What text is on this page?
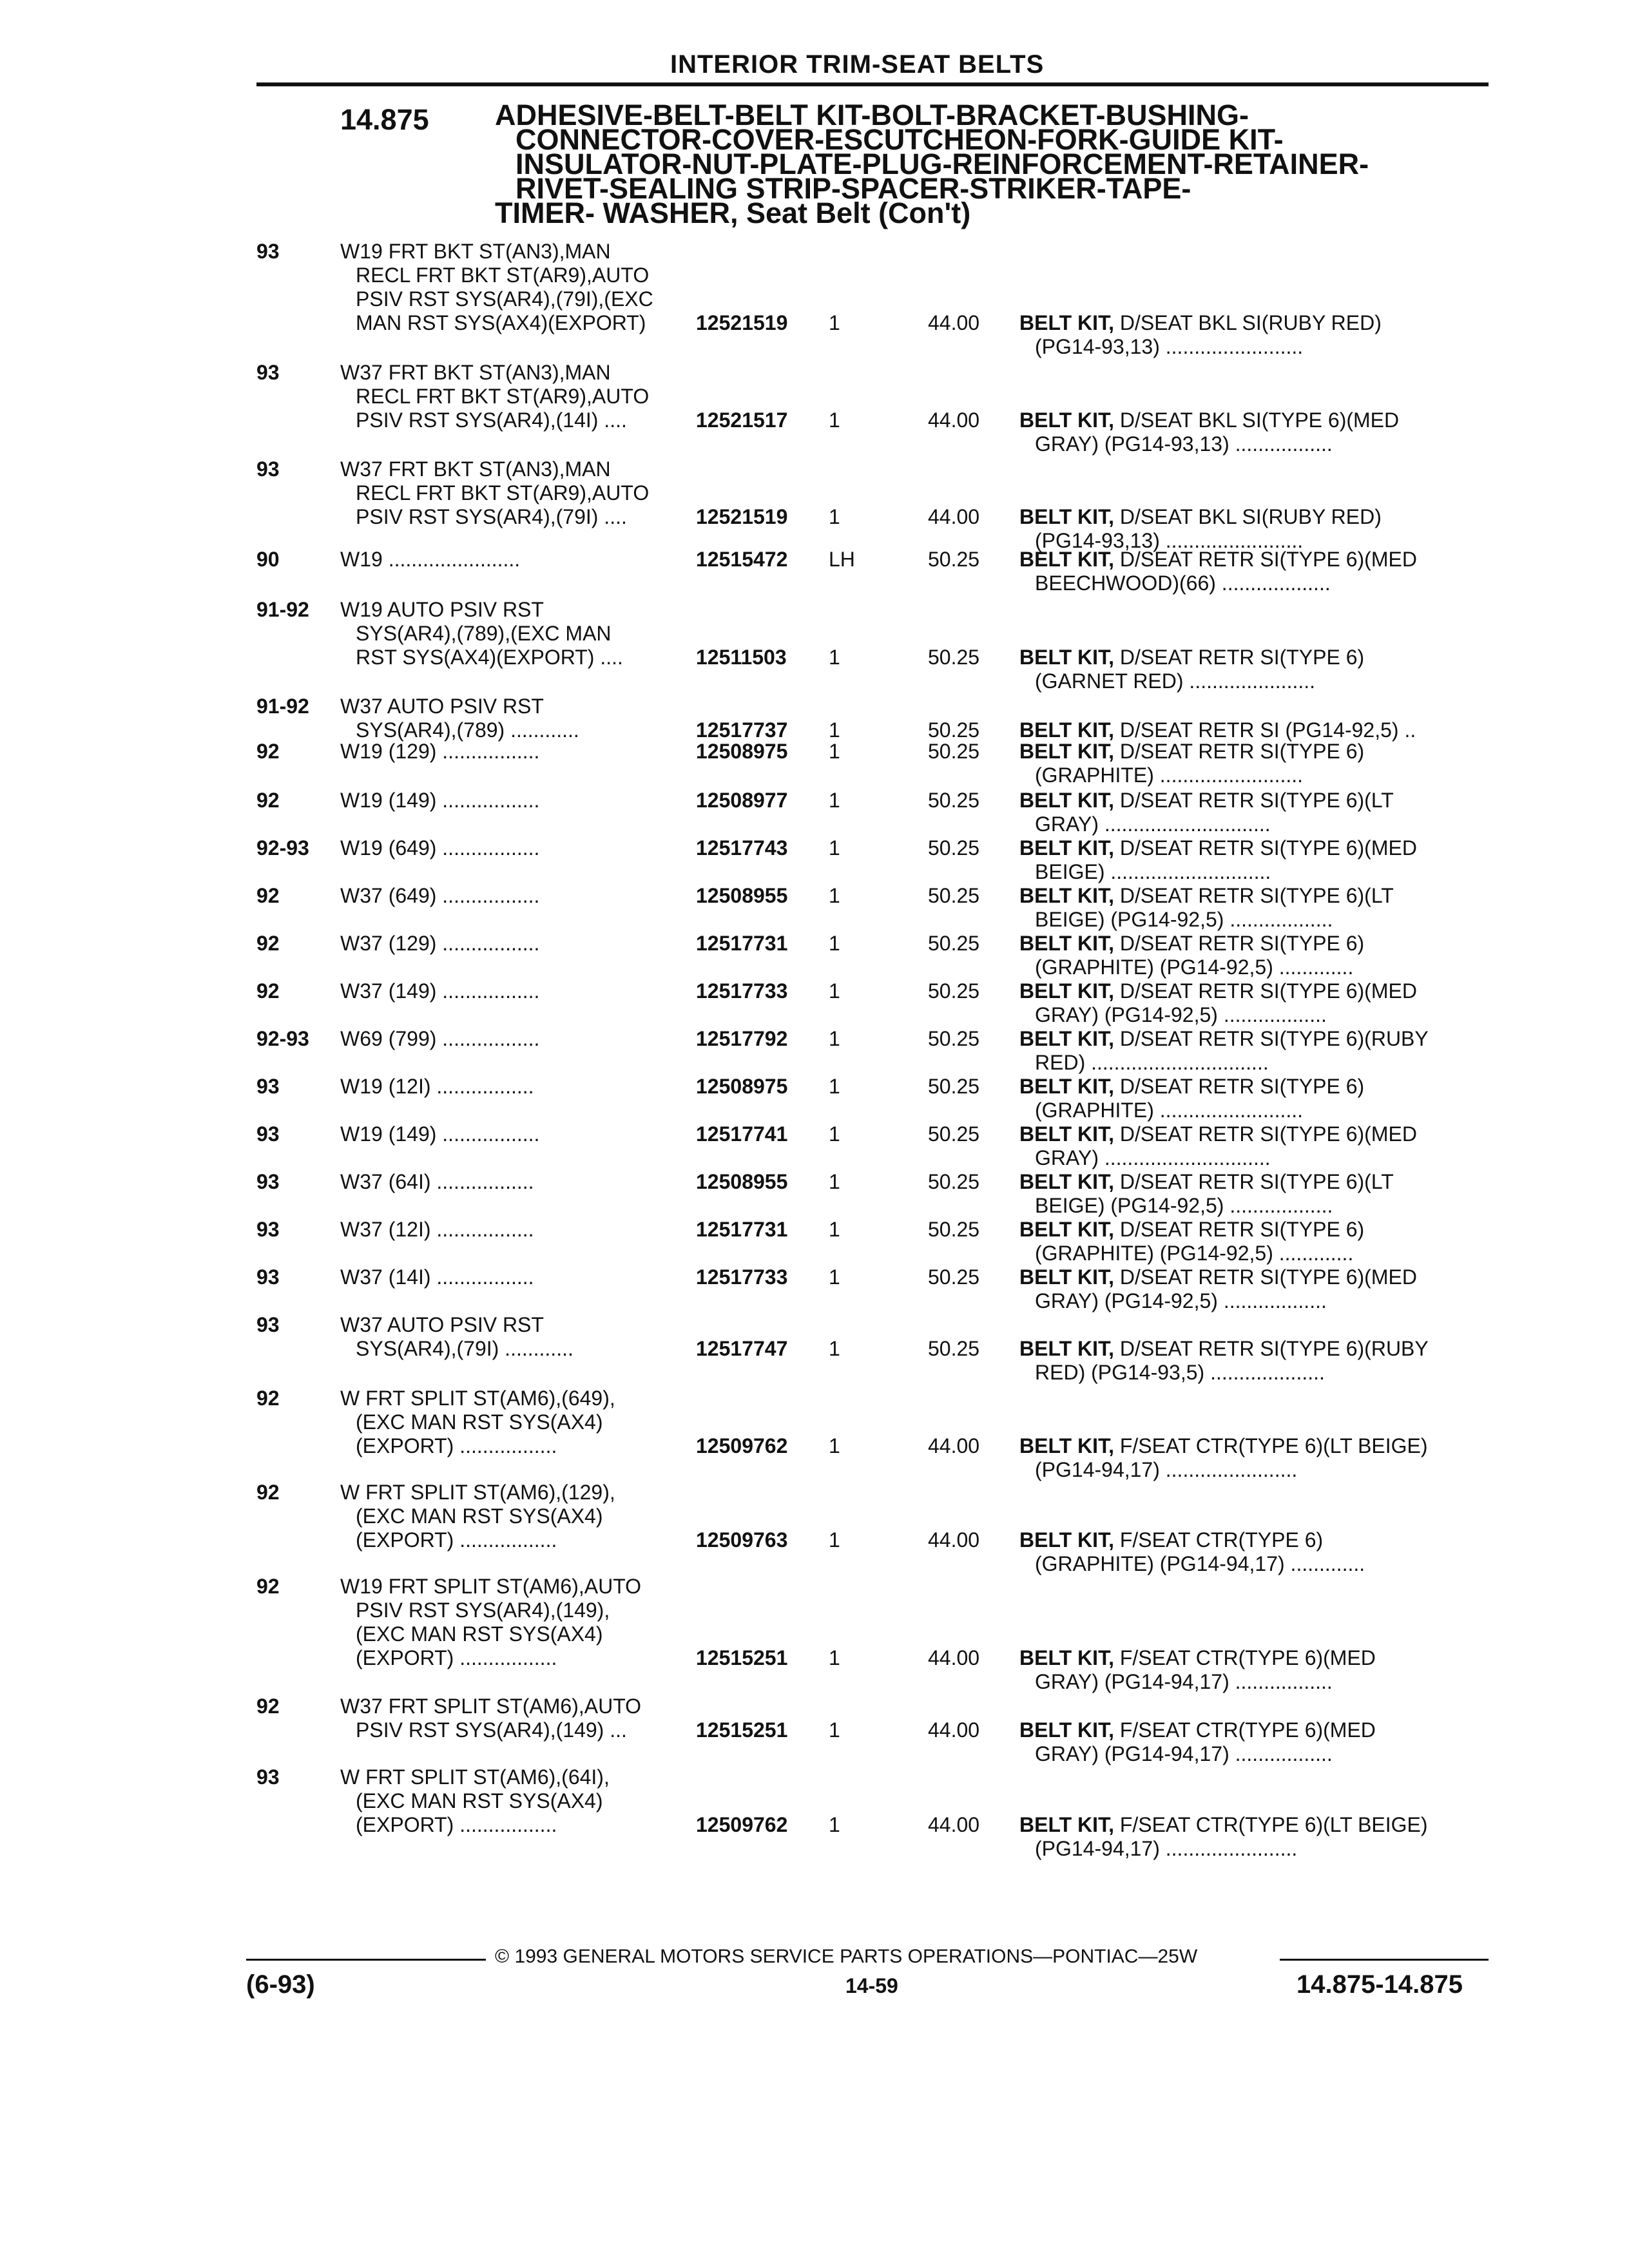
INTERIOR TRIM-SEAT BELTS
14.875 ADHESIVE-BELT-BELT KIT-BOLT-BRACKET-BUSHING-
CONNECTOR-COVER-ESCUTCHEON-FORK-GUIDE KIT-
INSULATOR-NUT-PLATE-PLUG-REINFORCEMENT-RETAINER-
RIVET-SEALING STRIP-SPACER-STRIKER-TAPE-
TIMER- WASHER, Seat Belt (Con't)
93	W19 FRT BKT ST(AN3),MAN
RECL FRT BKT ST(AR9),AUTO
PSIV RST SYS(AR4),(79I),(EXC
MAN RST SYS(AX4)(EXPORT)	12521519 1	44.00 BELT KIT, D/SEAT BKL SI(RUBY RED)
(PG14-93,13) ........................
93	W37 FRT BKT ST(AN3),MAN
RECL FRT BKT ST(AR9),AUTO
PSIV RST SYS(AR4),(14I) ....	12521517 1	44.00 BELT KIT, D/SEAT BKL SI(TYPE 6)(MED
GRAY) (PG14-93,13) .................
93	W37 FRT BKT ST(AN3),MAN
RECL FRT BKT ST(AR9),AUTO
PSIV RST SYS(AR4),(79I) ....	12521519 1	44.00 BELT KIT, D/SEAT BKL SI(RUBY RED)
(PG14-93,13) ........................
90	W19 .......................	12515472 LH	50.25 BELT KIT, D/SEAT RETR SI(TYPE 6)(MED
BEECHWOOD)(66) ...................
91-92 W19 AUTO PSIV RST
SYS(AR4),(789),(EXC MAN
RST SYS(AX4)(EXPORT) ....	12511503 1	50.25 BELT KIT, D/SEAT RETR SI(TYPE 6)
(GARNET RED) ......................
91-92 W37 AUTO PSIV RST
SYS(AR4),(789) ............	12517737 1	50.25 BELT KIT, D/SEAT RETR SI (PG14-92,5) ..
92	W19 (129) .................	12508975 1	50.25 BELT KIT, D/SEAT RETR SI(TYPE 6)
(GRAPHITE) .........................
92	W19 (149) .................	12508977 1	50.25 BELT KIT, D/SEAT RETR SI(TYPE 6)(LT
GRAY) .............................
92-93 W19 (649) .................	12517743 1	50.25 BELT KIT, D/SEAT RETR SI(TYPE 6)(MED
BEIGE) ............................
92	W37 (649) .................	12508955 1	50.25 BELT KIT, D/SEAT RETR SI(TYPE 6)(LT
BEIGE) (PG14-92,5) ..................
92	W37 (129) .................	12517731 1	50.25 BELT KIT, D/SEAT RETR SI(TYPE 6)
(GRAPHITE) (PG14-92,5) .............
92	W37 (149) .................	12517733 1	50.25 BELT KIT, D/SEAT RETR SI(TYPE 6)(MED
GRAY) (PG14-92,5) ..................
92-93 W69 (799) .................	12517792 1	50.25 BELT KIT, D/SEAT RETR SI(TYPE 6)(RUBY
RED) ...............................
93	W19 (12I) .................	12508975 1	50.25 BELT KIT, D/SEAT RETR SI(TYPE 6)
(GRAPHITE) .........................
93	W19 (149) .................	12517741 1	50.25 BELT KIT, D/SEAT RETR SI(TYPE 6)(MED
GRAY) .............................
93	W37 (64I) .................	12508955 1	50.25 BELT KIT, D/SEAT RETR SI(TYPE 6)(LT
BEIGE) (PG14-92,5) ..................
93	W37 (12I) .................	12517731 1	50.25 BELT KIT, D/SEAT RETR SI(TYPE 6)
(GRAPHITE) (PG14-92,5) .............
93	W37 (14I) .................	12517733 1	50.25 BELT KIT, D/SEAT RETR SI(TYPE 6)(MED
GRAY) (PG14-92,5) ..................
93	W37 AUTO PSIV RST
SYS(AR4),(79I) ............	12517747 1	50.25 BELT KIT, D/SEAT RETR SI(TYPE 6)(RUBY
RED) (PG14-93,5) ....................
92	W FRT SPLIT ST(AM6),(649),
(EXC MAN RST SYS(AX4)
(EXPORT) .................	12509762 1	44.00 BELT KIT, F/SEAT CTR(TYPE 6)(LT BEIGE)
(PG14-94,17) .......................
92	W FRT SPLIT ST(AM6),(129),
(EXC MAN RST SYS(AX4)
(EXPORT) .................	12509763 1	44.00 BELT KIT, F/SEAT CTR(TYPE 6)
(GRAPHITE) (PG14-94,17) .............
92	W19 FRT SPLIT ST(AM6),AUTO
PSIV RST SYS(AR4),(149),
(EXC MAN RST SYS(AX4)
(EXPORT) .................	12515251 1	44.00 BELT KIT, F/SEAT CTR(TYPE 6)(MED
GRAY) (PG14-94,17) .................
92	W37 FRT SPLIT ST(AM6),AUTO
PSIV RST SYS(AR4),(149) ...	12515251 1	44.00 BELT KIT, F/SEAT CTR(TYPE 6)(MED
GRAY) (PG14-94,17) .................
93	W FRT SPLIT ST(AM6),(64I),
(EXC MAN RST SYS(AX4)
(EXPORT) .................	12509762 1	44.00 BELT KIT, F/SEAT CTR(TYPE 6)(LT BEIGE)
(PG14-94,17) .......................
© 1993 GENERAL MOTORS SERVICE PARTS OPERATIONS—PONTIAC—25W
(6-93)	14-59	14.875-14.875
